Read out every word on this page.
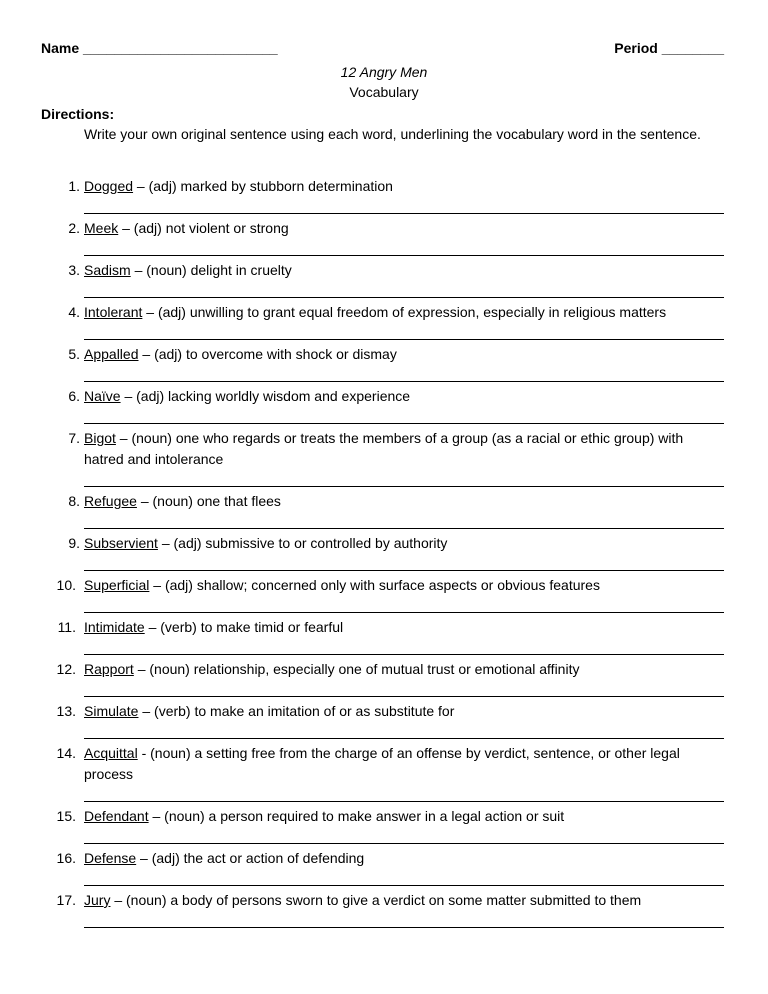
Name _________________________	Period ________
12 Angry Men
Vocabulary
Directions:
Write your own original sentence using each word, underlining the vocabulary word in the sentence.
1. Dogged – (adj) marked by stubborn determination
2. Meek – (adj) not violent or strong
3. Sadism – (noun) delight in cruelty
4. Intolerant – (adj) unwilling to grant equal freedom of expression, especially in religious matters
5. Appalled – (adj) to overcome with shock or dismay
6. Naïve – (adj) lacking worldly wisdom and experience
7. Bigot – (noun) one who regards or treats the members of a group (as a racial or ethic group) with hatred and intolerance
8. Refugee – (noun) one that flees
9. Subservient – (adj) submissive to or controlled by authority
10. Superficial – (adj) shallow; concerned only with surface aspects or obvious features
11. Intimidate – (verb) to make timid or fearful
12. Rapport – (noun) relationship, especially one of mutual trust or emotional affinity
13. Simulate – (verb) to make an imitation of or as substitute for
14. Acquittal - (noun) a setting free from the charge of an offense by verdict, sentence, or other legal process
15. Defendant – (noun) a person required to make answer in a legal action or suit
16. Defense – (adj) the act or action of defending
17. Jury – (noun) a body of persons sworn to give a verdict on some matter submitted to them
